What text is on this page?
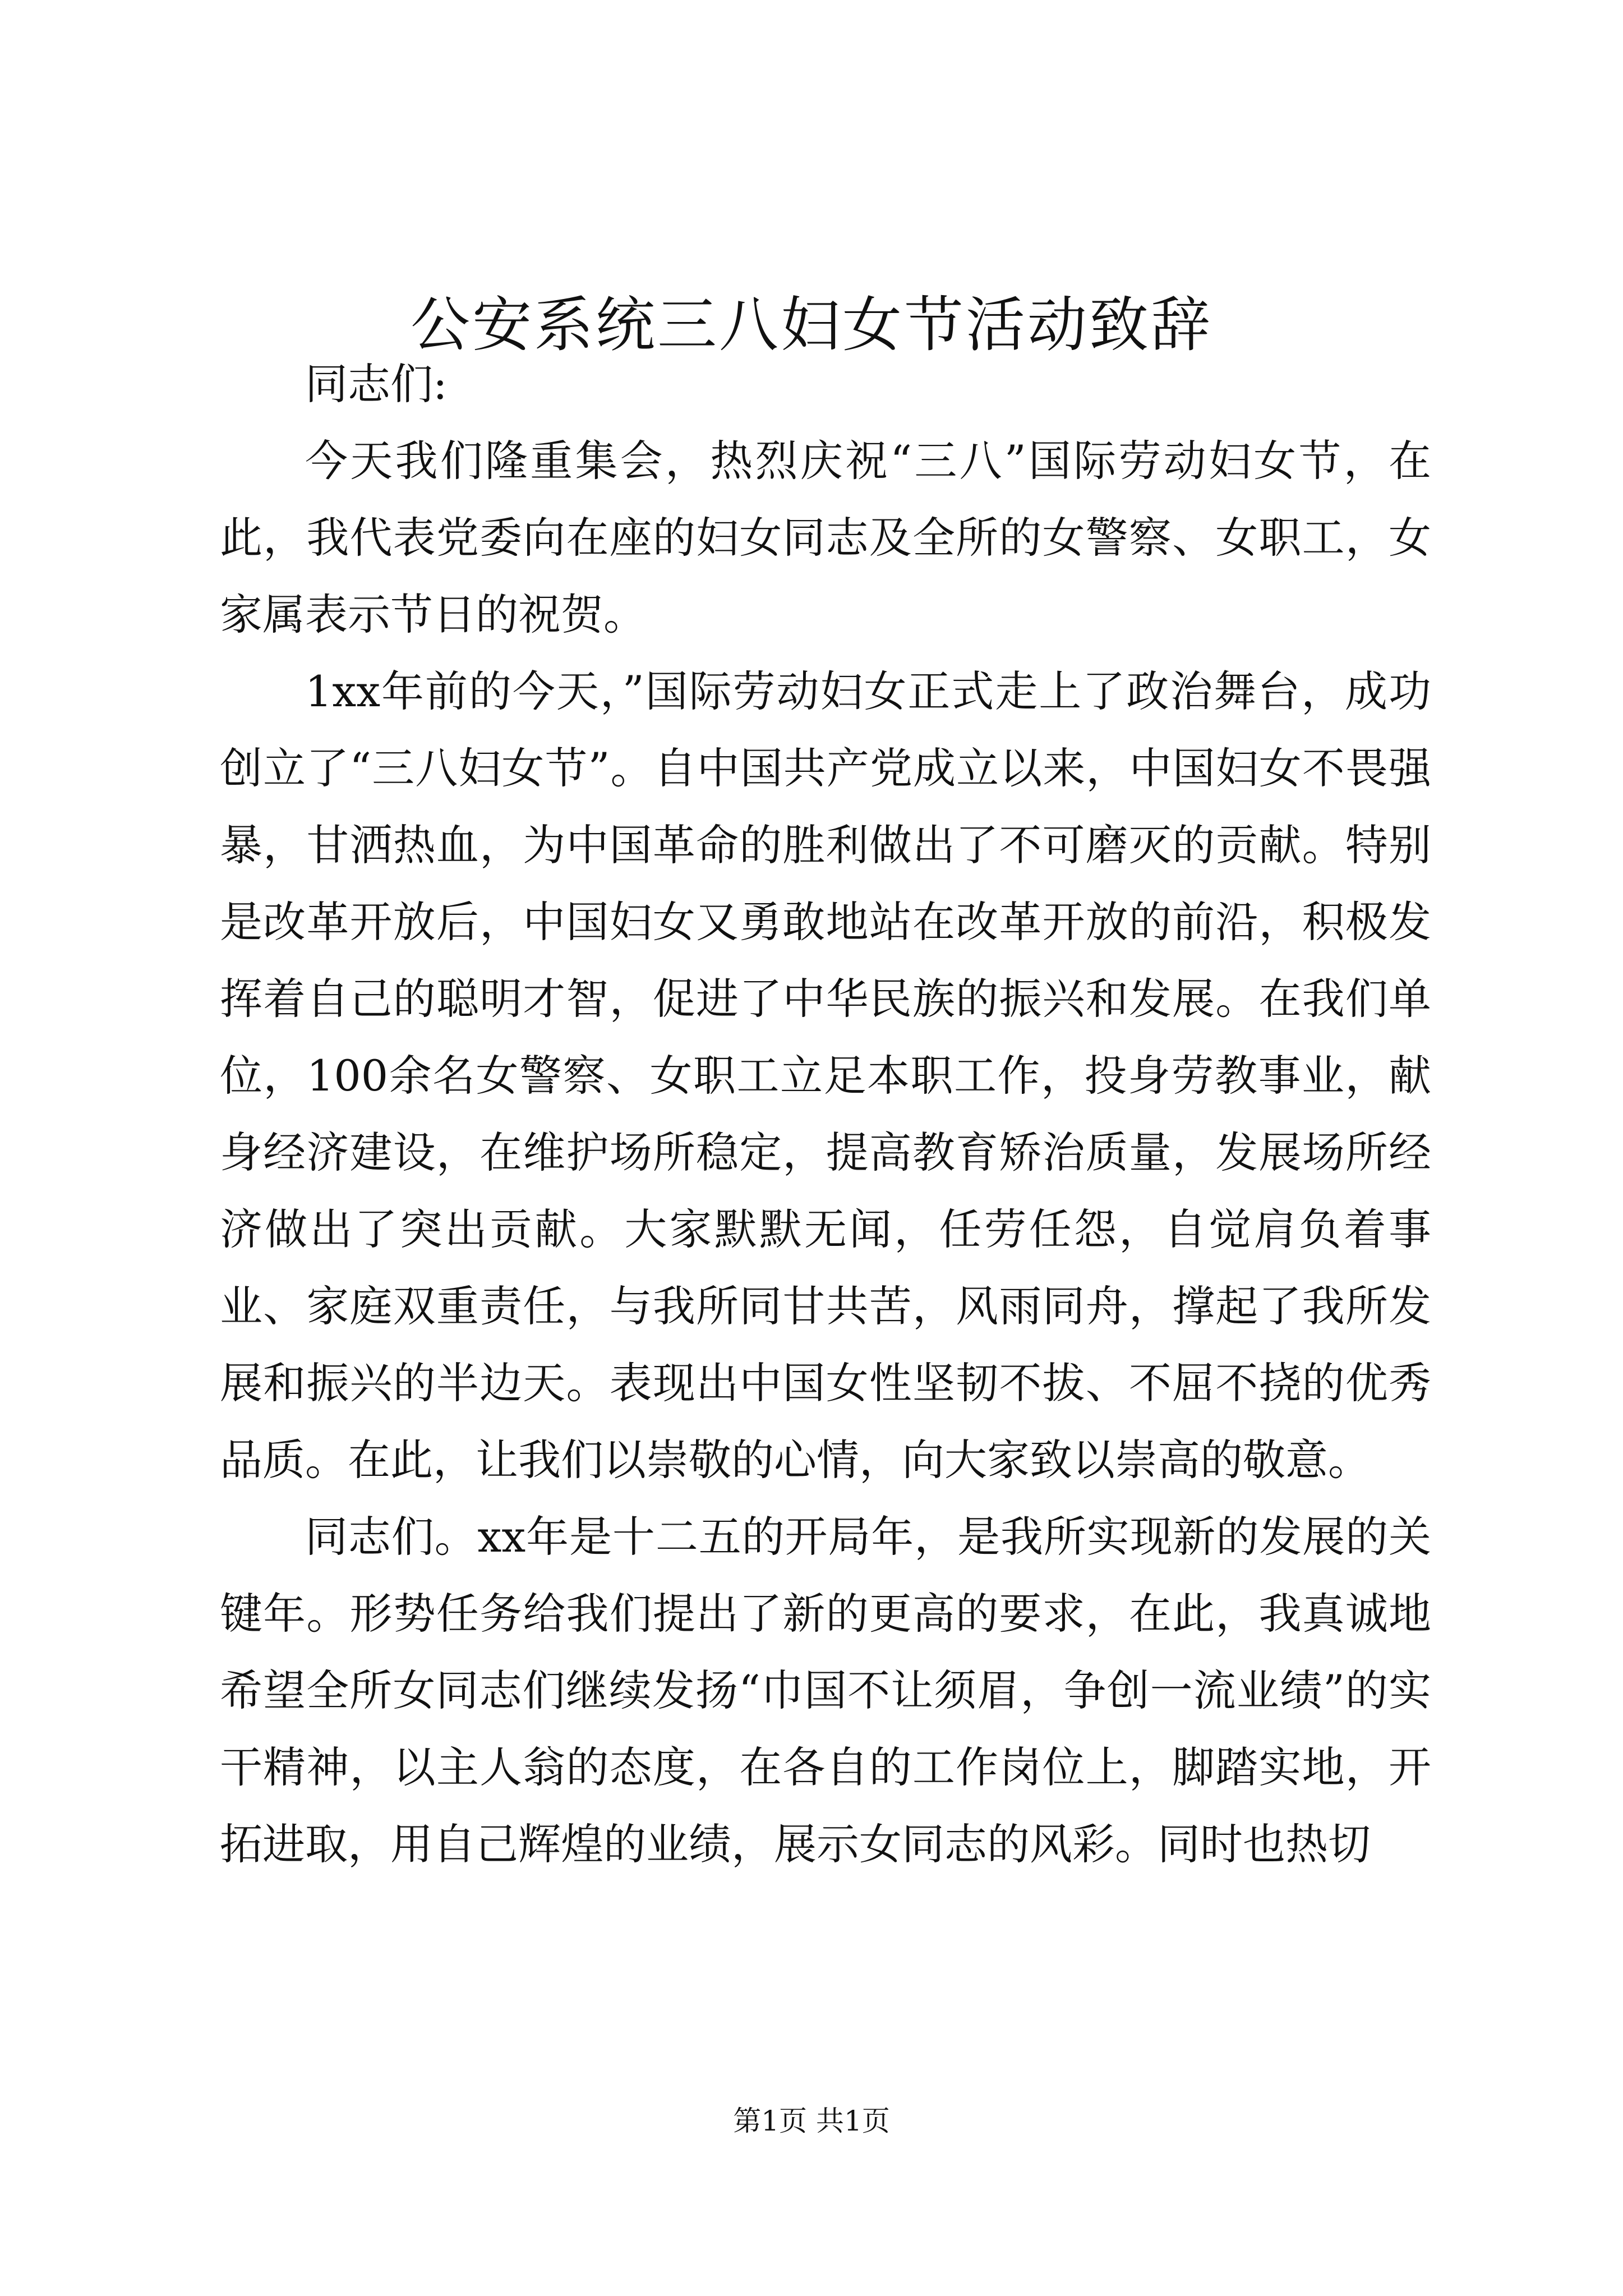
公安系统三八妇女节活动致辞

同志们:

今天我们隆重集会，热烈庆祝“三八”国际劳动妇女节，在此，我代表党委向在座的妇女同志及全所的女警察、女职工，女家属表示节日的祝贺。

1xx年前的今天，”国际劳动妇女正式走上了政治舞台，成功创立了“三八妇女节”。自中国共产党成立以来，中国妇女不畏强暴，甘洒热血，为中国革命的胜利做出了不可磨灭的贡献。特别是改革开放后，中国妇女又勇敢地站在改革开放的前沿，积极发挥着自己的聪明才智，促进了中华民族的振兴和发展。在我们单位，100余名女警察、女职工立足本职工作，投身劳教事业，献身经济建设，在维护场所稳定，提高教育矫治质量，发展场所经济做出了突出贡献。大家默默无闻，任劳任怨，自觉肩负着事业、家庭双重责任，与我所同甘共苦，风雨同舟，撑起了我所发展和振兴的半边天。表现出中国女性坚韧不拔、不屈不挠的优秀品质。在此，让我们以崇敬的心情，向大家致以崇高的敬意。

同志们。xx年是十二五的开局年，是我所实现新的发展的关键年。形势任务给我们提出了新的更高的要求，在此，我真诚地希望全所女同志们继续发扬“巾国不让须眉，争创一流业绩”的实干精神，以主人翁的态度，在各自的工作岗位上，脚踏实地，开拓进取，用自己辉煌的业绩，展示女同志的风彩。同时也热切

第1页 共1页
